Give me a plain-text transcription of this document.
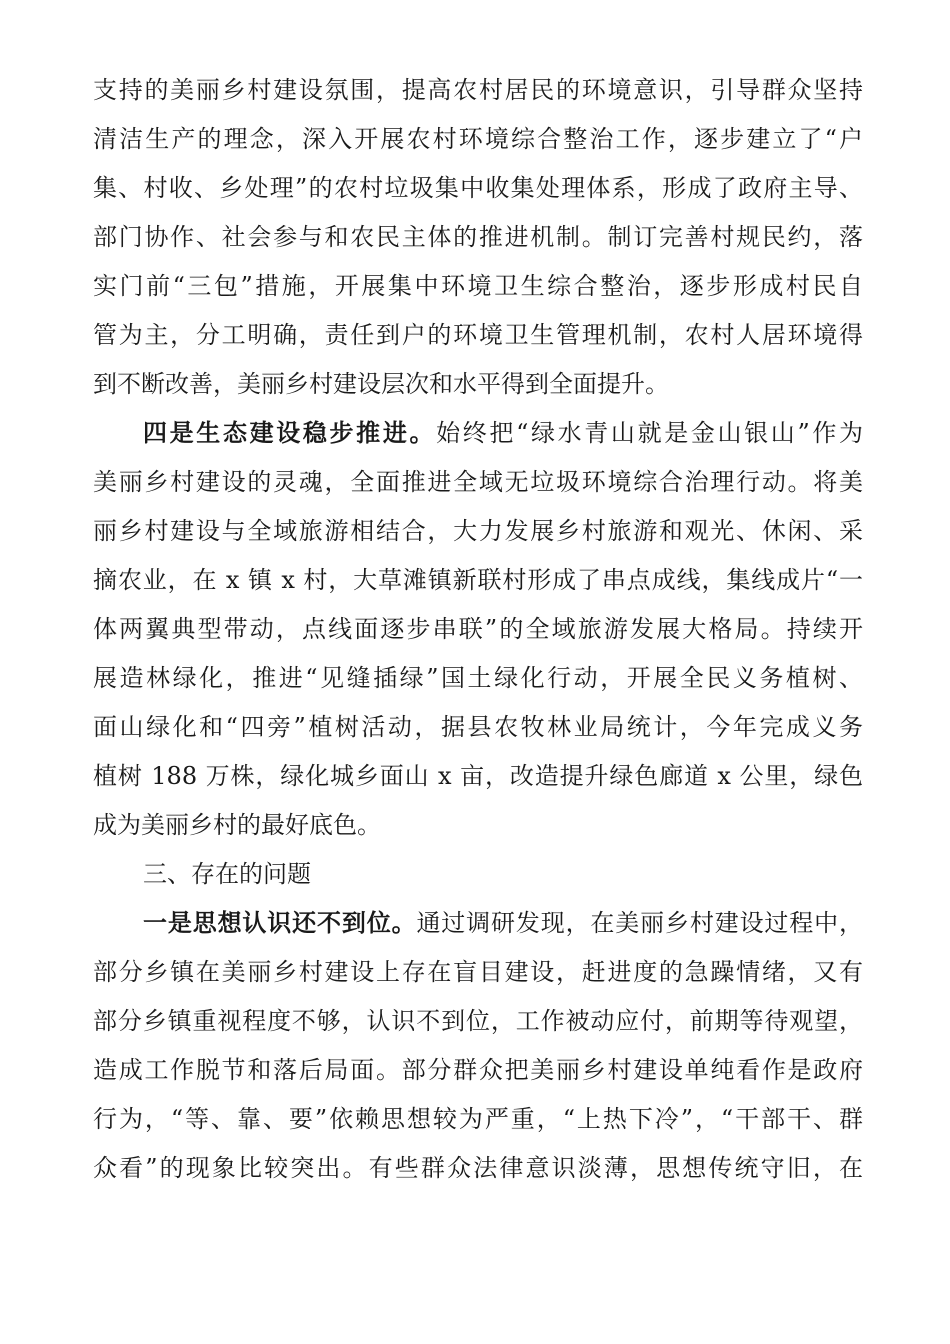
支持的美丽乡村建设氛围，提高农村居民的环境意识，引导群众坚持
清洁生产的理念，深入开展农村环境综合整治工作，逐步建立了“户
集、村收、乡处理”的农村垃圾集中收集处理体系，形成了政府主导、
部门协作、社会参与和农民主体的推进机制。制订完善村规民约，落
实门前“三包”措施，开展集中环境卫生综合整治，逐步形成村民自
管为主，分工明确，责任到户的环境卫生管理机制，农村人居环境得
到不断改善，美丽乡村建设层次和水平得到全面提升。
四是生态建设稳步推进。始终把“绿水青山就是金山银山”作为
美丽乡村建设的灵魂，全面推进全域无垃圾环境综合治理行动。将美
丽乡村建设与全域旅游相结合，大力发展乡村旅游和观光、休闲、采
摘农业，在 x 镇 x 村，大草滩镇新联村形成了串点成线，集线成片“一
体两翼典型带动，点线面逐步串联”的全域旅游发展大格局。持续开
展造林绿化，推进“见缝插绿”国土绿化行动，开展全民义务植树、
面山绿化和“四旁”植树活动，据县农牧林业局统计，今年完成义务
植树 188 万株，绿化城乡面山 x 亩，改造提升绿色廊道 x 公里，绿色
成为美丽乡村的最好底色。
三、存在的问题
一是思想认识还不到位。通过调研发现，在美丽乡村建设过程中，
部分乡镇在美丽乡村建设上存在盲目建设，赶进度的急躁情绪，又有
部分乡镇重视程度不够，认识不到位，工作被动应付，前期等待观望，
造成工作脱节和落后局面。部分群众把美丽乡村建设单纯看作是政府
行为，“等、靠、要”依赖思想较为严重，“上热下冷”，“干部干、群
众看”的现象比较突出。有些群众法律意识淡薄，思想传统守旧，在
